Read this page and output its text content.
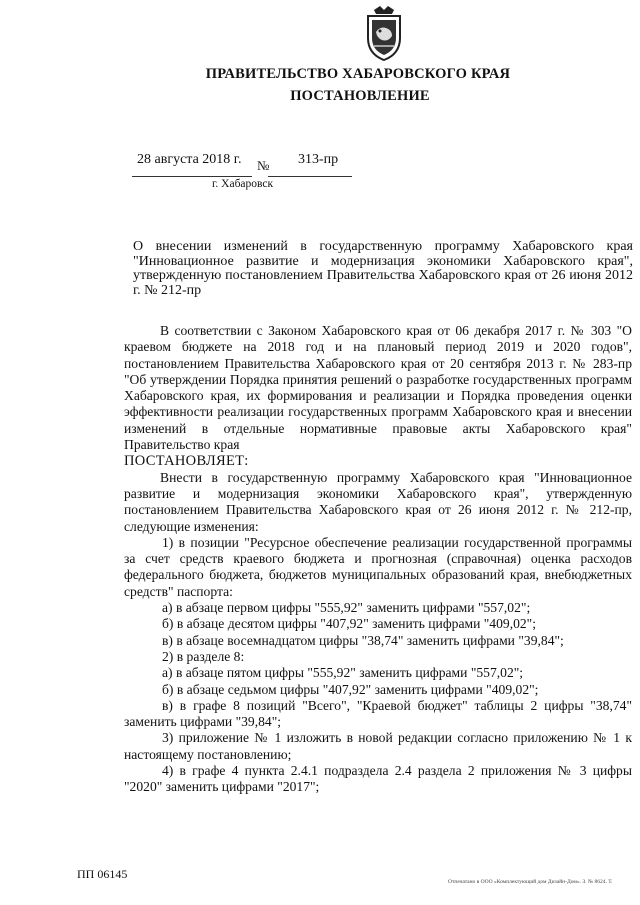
ПРАВИТЕЛЬСТВО ХАБАРОВСКОГО КРАЯ
ПОСТАНОВЛЕНИЕ
28 августа 2018 г. № 313-пр
г. Хабаровск
О внесении изменений в государственную программу Хабаровского края "Инновационное развитие и модернизация экономики Хабаровского края", утвержденную постановлением Правительства Хабаровского края от 26 июня 2012 г. № 212-пр

В соответствии с Законом Хабаровского края от 06 декабря 2017 г. № 303 "О краевом бюджете на 2018 год и на плановый период 2019 и 2020 годов", постановлением Правительства Хабаровского края от 20 сентября 2013 г. № 283-пр "Об утверждении Порядка принятия решений о разработке государственных программ Хабаровского края, их формирования и реализации и Порядка проведения оценки эффективности реализации государственных программ Хабаровского края и внесении изменений в отдельные нормативные правовые акты Хабаровского края" Правительство края

ПОСТАНОВЛЯЕТ:

Внести в государственную программу Хабаровского края "Инновационное развитие и модернизация экономики Хабаровского края", утвержденную постановлением Правительства Хабаровского края от 26 июня 2012 г. № 212-пр, следующие изменения:

1) в позиции "Ресурсное обеспечение реализации государственной программы за счет средств краевого бюджета и прогнозная (справочная) оценка расходов федерального бюджета, бюджетов муниципальных образований края, внебюджетных средств" паспорта:

а) в абзаце первом цифры "555,92" заменить цифрами "557,02";

б) в абзаце десятом цифры "407,92" заменить цифрами "409,02";

в) в абзаце восемнадцатом цифры "38,74" заменить цифрами "39,84";

2) в разделе 8:

а) в абзаце пятом цифры "555,92" заменить цифрами "557,02";

б) в абзаце седьмом цифры "407,92" заменить цифрами "409,02";

в) в графе 8 позиций "Всего", "Краевой бюджет" таблицы 2 цифры "38,74" заменить цифрами "39,84";

3) приложение № 1 изложить в новой редакции согласно приложению № 1 к настоящему постановлению;

4) в графе 4 пункта 2.4.1 подраздела 2.4 раздела 2 приложения № 3 цифры "2020" заменить цифрами "2017";

ПП 06145
Отпечатано в ООО «Комплектующий дом Дизайн-Дом». З. № 8624. Т.
